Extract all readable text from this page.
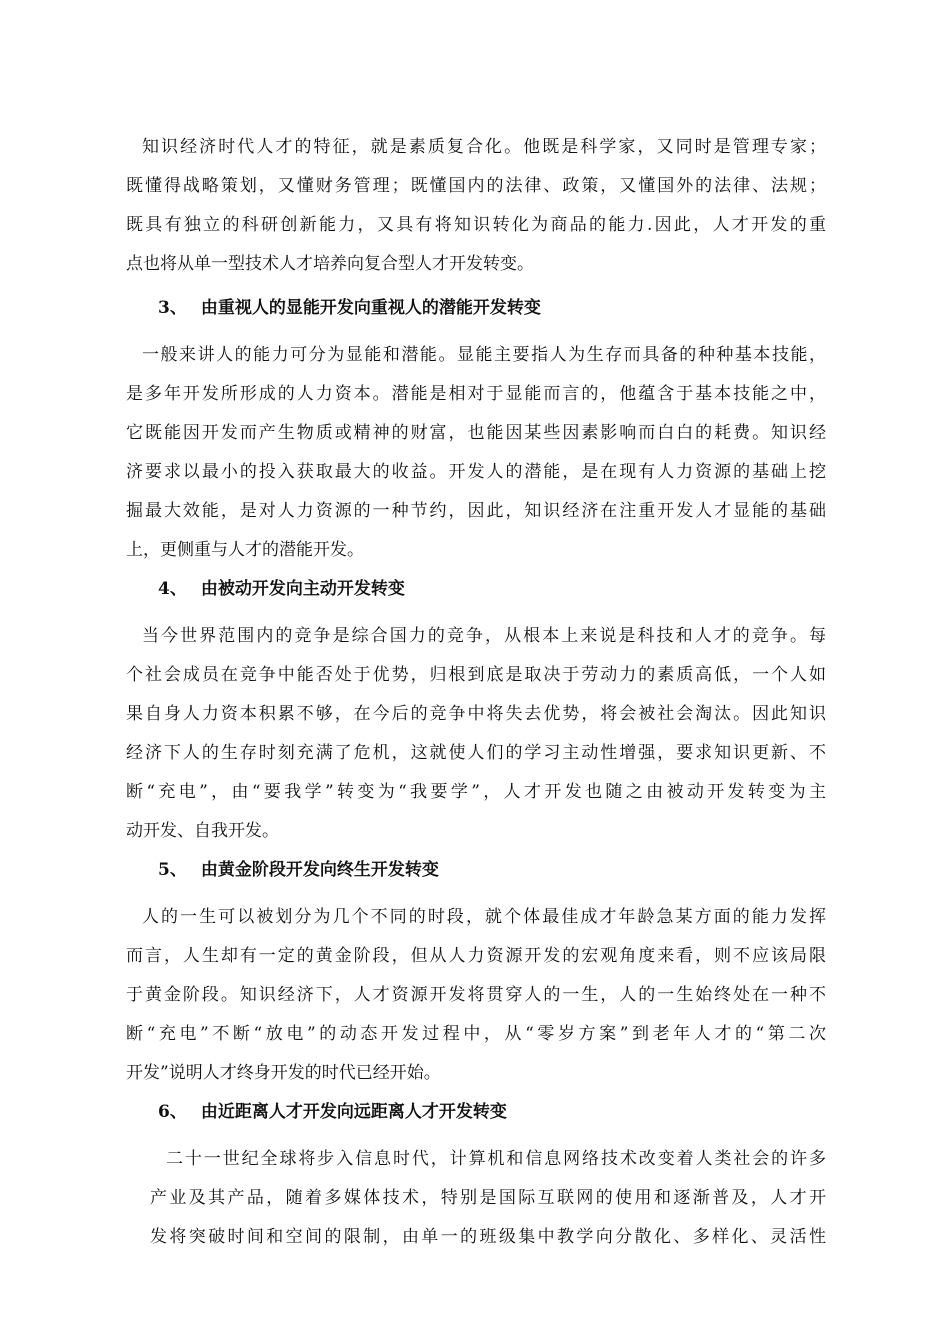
知识经济时代人才的特征，就是素质复合化。他既是科学家，又同时是管理专家；
既懂得战略策划，又懂财务管理；既懂国内的法律、政策，又懂国外的法律、法规；
既具有独立的科研创新能力，又具有将知识转化为商品的能力.因此，人才开发的重
点也将从单一型技术人才培养向复合型人才开发转变。
3、 由重视人的显能开发向重视人的潜能开发转变
一般来讲人的能力可分为显能和潜能。显能主要指人为生存而具备的种种基本技能，
是多年开发所形成的人力资本。潜能是相对于显能而言的，他蕴含于基本技能之中，
它既能因开发而产生物质或精神的财富，也能因某些因素影响而白白的耗费。知识经
济要求以最小的投入获取最大的收益。开发人的潜能，是在现有人力资源的基础上挖
掘最大效能，是对人力资源的一种节约，因此，知识经济在注重开发人才显能的基础
上，更侧重与人才的潜能开发。
4、 由被动开发向主动开发转变
当今世界范围内的竞争是综合国力的竞争，从根本上来说是科技和人才的竞争。每
个社会成员在竞争中能否处于优势，归根到底是取决于劳动力的素质高低，一个人如
果自身人力资本积累不够，在今后的竞争中将失去优势，将会被社会淘汰。因此知识
经济下人的生存时刻充满了危机，这就使人们的学习主动性增强，要求知识更新、不
断“充电”，由“要我学”转变为“我要学”，人才开发也随之由被动开发转变为主
动开发、自我开发。
5、 由黄金阶段开发向终生开发转变
人的一生可以被划分为几个不同的时段，就个体最佳成才年龄急某方面的能力发挥
而言，人生却有一定的黄金阶段，但从人力资源开发的宏观角度来看，则不应该局限
于黄金阶段。知识经济下，人才资源开发将贯穿人的一生，人的一生始终处在一种不
断“充电”不断“放电”的动态开发过程中，从“零岁方案”到老年人才的“第二次
开发”说明人才终身开发的时代已经开始。
6、 由近距离人才开发向远距离人才开发转变
二十一世纪全球将步入信息时代，计算机和信息网络技术改变着人类社会的许多
产业及其产品，随着多媒体技术，特别是国际互联网的使用和逐渐普及，人才开
发将突破时间和空间的限制，由单一的班级集中教学向分散化、多样化、灵活性
